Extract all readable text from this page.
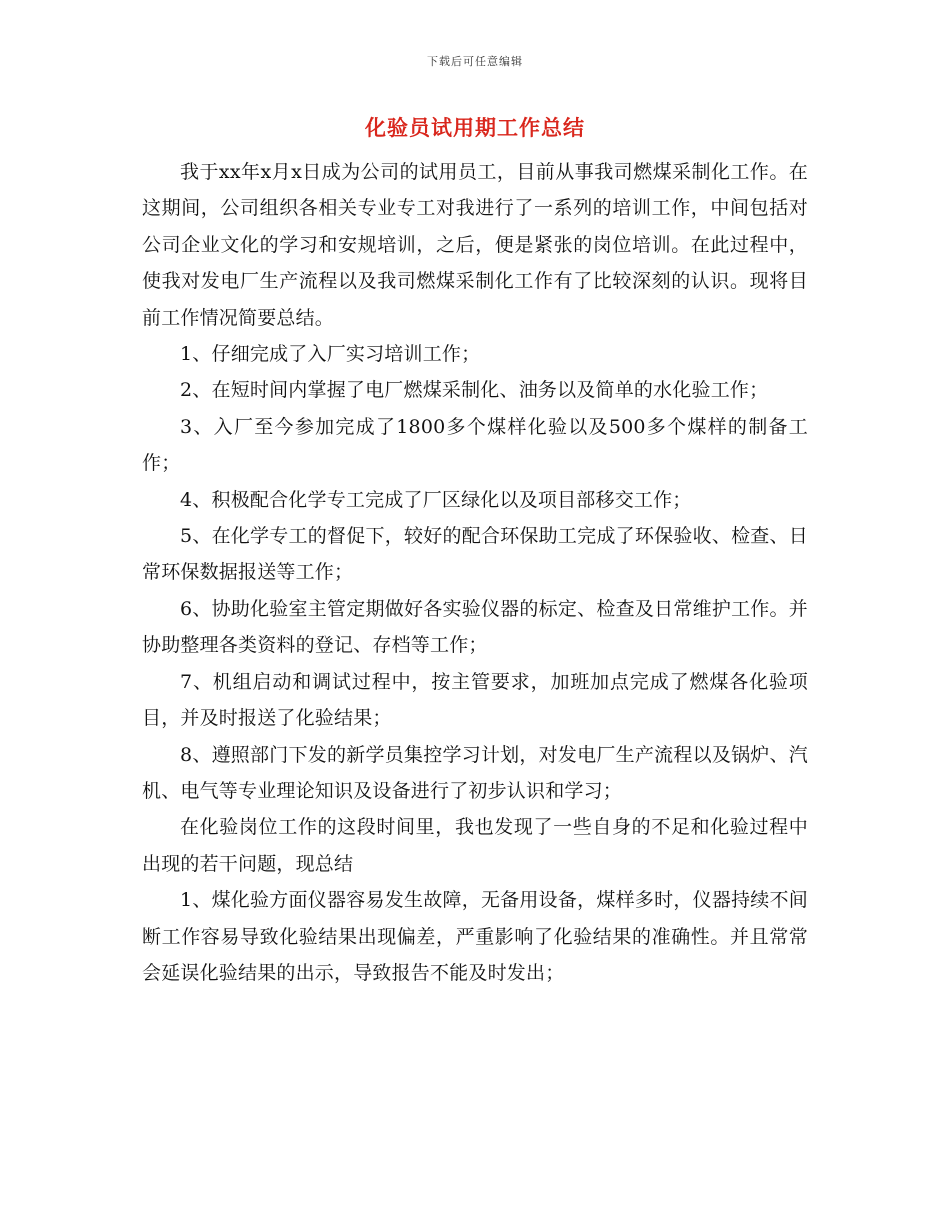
下载后可任意编辑
化验员试用期工作总结

我于xx年x月x日成为公司的试用员工，目前从事我司燃煤采制化工作。在这期间，公司组织各相关专业专工对我进行了一系列的培训工作，中间包括对公司企业文化的学习和安规培训，之后，便是紧张的岗位培训。在此过程中，使我对发电厂生产流程以及我司燃煤采制化工作有了比较深刻的认识。现将目前工作情况简要总结。

1、仔细完成了入厂实习培训工作；

2、在短时间内掌握了电厂燃煤采制化、油务以及简单的水化验工作；

3、入厂至今参加完成了1800多个煤样化验以及500多个煤样的制备工作；

4、积极配合化学专工完成了厂区绿化以及项目部移交工作；

5、在化学专工的督促下，较好的配合环保助工完成了环保验收、检查、日常环保数据报送等工作；

6、协助化验室主管定期做好各实验仪器的标定、检查及日常维护工作。并协助整理各类资料的登记、存档等工作；

7、机组启动和调试过程中，按主管要求，加班加点完成了燃煤各化验项目，并及时报送了化验结果；

8、遵照部门下发的新学员集控学习计划，对发电厂生产流程以及锅炉、汽机、电气等专业理论知识及设备进行了初步认识和学习；

在化验岗位工作的这段时间里，我也发现了一些自身的不足和化验过程中出现的若干问题，现总结

1、煤化验方面仪器容易发生故障，无备用设备，煤样多时，仪器持续不间断工作容易导致化验结果出现偏差，严重影响了化验结果的准确性。并且常常会延误化验结果的出示，导致报告不能及时发出；
